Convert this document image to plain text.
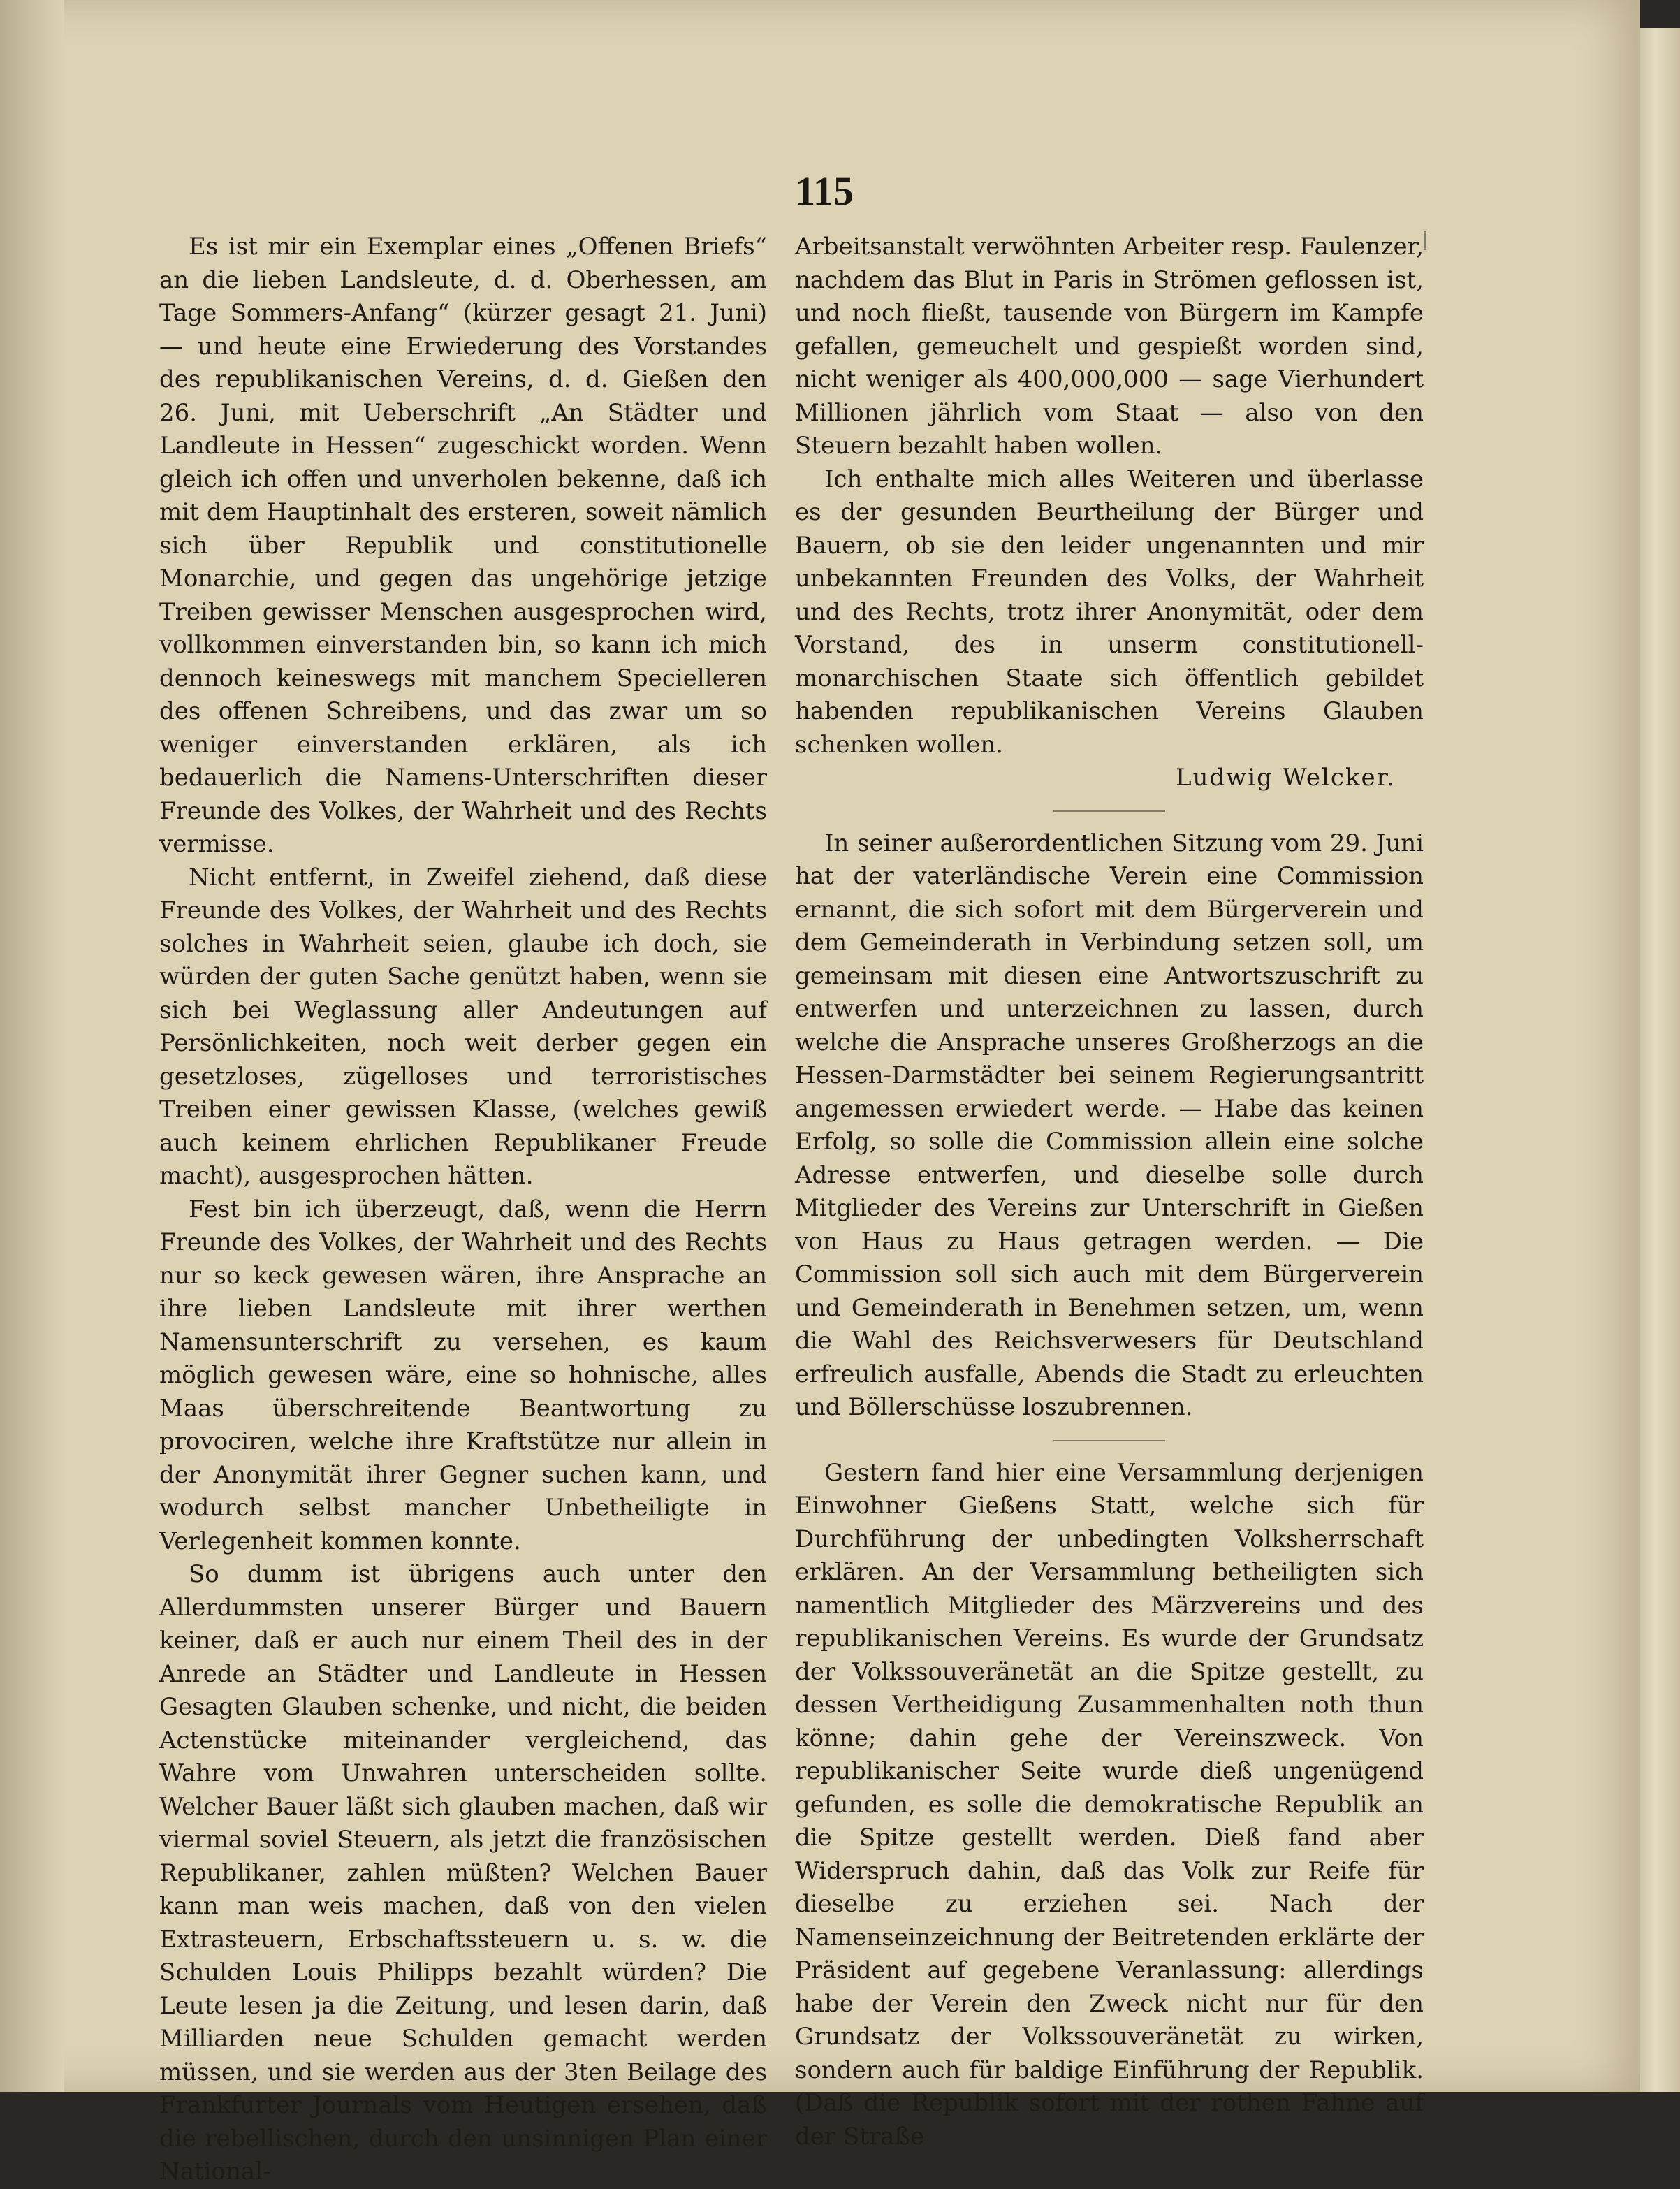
115

Es ist mir ein Exemplar eines „Offenen Briefs“ an die lieben Landsleute, d. d. Oberhessen, am Tage Sommers-Anfang“ (kürzer gesagt 21. Juni) — und heute eine Erwiederung des Vorstandes des republikanischen Vereins, d. d. Gießen den 26. Juni, mit Ueberschrift „An Städter und Landleute in Hessen“ zugeschickt worden. Wenn gleich ich offen und unverholen bekenne, daß ich mit dem Hauptinhalt des ersteren, soweit nämlich sich über Republik und constitutionelle Monarchie, und gegen das ungehörige jetzige Treiben gewisser Menschen ausgesprochen wird, vollkommen einverstanden bin, so kann ich mich dennoch keineswegs mit manchem Specielleren des offenen Schreibens, und das zwar um so weniger einverstanden erklären, als ich bedauerlich die Namens-Unterschriften dieser Freunde des Volkes, der Wahrheit und des Rechts vermisse.

Nicht entfernt, in Zweifel ziehend, daß diese Freunde des Volkes, der Wahrheit und des Rechts solches in Wahrheit seien, glaube ich doch, sie würden der guten Sache genützt haben, wenn sie sich bei Weglassung aller Andeutungen auf Persönlichkeiten, noch weit derber gegen ein gesetzloses, zügelloses und terroristisches Treiben einer gewissen Klasse, (welches gewiß auch keinem ehrlichen Republikaner Freude macht), ausgesprochen hätten.

Fest bin ich überzeugt, daß, wenn die Herrn Freunde des Volkes, der Wahrheit und des Rechts nur so keck gewesen wären, ihre Ansprache an ihre lieben Landsleute mit ihrer werthen Namensunterschrift zu versehen, es kaum möglich gewesen wäre, eine so hohnische, alles Maas überschreitende Beantwortung zu provociren, welche ihre Kraftstütze nur allein in der Anonymität ihrer Gegner suchen kann, und wodurch selbst mancher Unbetheiligte in Verlegenheit kommen konnte.

So dumm ist übrigens auch unter den Allerdummsten unserer Bürger und Bauern keiner, daß er auch nur einem Theil des in der Anrede an Städter und Landleute in Hessen Gesagten Glauben schenke, und nicht, die beiden Actenstücke miteinander vergleichend, das Wahre vom Unwahren unterscheiden sollte. Welcher Bauer läßt sich glauben machen, daß wir viermal soviel Steuern, als jetzt die französischen Republikaner, zahlen müßten? Welchen Bauer kann man weis machen, daß von den vielen Extrasteuern, Erbschaftssteuern u. s. w. die Schulden Louis Philipps bezahlt würden? Die Leute lesen ja die Zeitung, und lesen darin, daß Milliarden neue Schulden gemacht werden müssen, und sie werden aus der 3ten Beilage des Frankfurter Journals vom Heutigen ersehen, daß die rebellischen, durch den unsinnigen Plan einer National-

Arbeitsanstalt verwöhnten Arbeiter resp. Faulenzer, nachdem das Blut in Paris in Strömen geflossen ist, und noch fließt, tausende von Bürgern im Kampfe gefallen, gemeuchelt und gespießt worden sind, nicht weniger als 400,000,000 — sage Vierhundert Millionen jährlich vom Staat — also von den Steuern bezahlt haben wollen.

Ich enthalte mich alles Weiteren und überlasse es der gesunden Beurtheilung der Bürger und Bauern, ob sie den leider ungenannten und mir unbekannten Freunden des Volks, der Wahrheit und des Rechts, trotz ihrer Anonymität, oder dem Vorstand, des in unserm constitutionell-monarchischen Staate sich öffentlich gebildet habenden republikanischen Vereins Glauben schenken wollen.

Ludwig Welcker.

In seiner außerordentlichen Sitzung vom 29. Juni hat der vaterländische Verein eine Commission ernannt, die sich sofort mit dem Bürgerverein und dem Gemeinderath in Verbindung setzen soll, um gemeinsam mit diesen eine Antwortszuschrift zu entwerfen und unterzeichnen zu lassen, durch welche die Ansprache unseres Großherzogs an die Hessen-Darmstädter bei seinem Regierungsantritt angemessen erwiedert werde. — Habe das keinen Erfolg, so solle die Commission allein eine solche Adresse entwerfen, und dieselbe solle durch Mitglieder des Vereins zur Unterschrift in Gießen von Haus zu Haus getragen werden. — Die Commission soll sich auch mit dem Bürgerverein und Gemeinderath in Benehmen setzen, um, wenn die Wahl des Reichsverwesers für Deutschland erfreulich ausfalle, Abends die Stadt zu erleuchten und Böllerschüsse loszubrennen.

Gestern fand hier eine Versammlung derjenigen Einwohner Gießens Statt, welche sich für Durchführung der unbedingten Volksherrschaft erklären. An der Versammlung betheiligten sich namentlich Mitglieder des Märzvereins und des republikanischen Vereins. Es wurde der Grundsatz der Volkssouveränetät an die Spitze gestellt, zu dessen Vertheidigung Zusammenhalten noth thun könne; dahin gehe der Vereinszweck. Von republikanischer Seite wurde dieß ungenügend gefunden, es solle die demokratische Republik an die Spitze gestellt werden. Dieß fand aber Widerspruch dahin, daß das Volk zur Reife für dieselbe zu erziehen sei. Nach der Namenseinzeichnung der Beitretenden erklärte der Präsident auf gegebene Veranlassung: allerdings habe der Verein den Zweck nicht nur für den Grundsatz der Volkssouveränetät zu wirken, sondern auch für baldige Einführung der Republik. (Daß die Republik sofort mit der rothen Fahne auf der Straße
